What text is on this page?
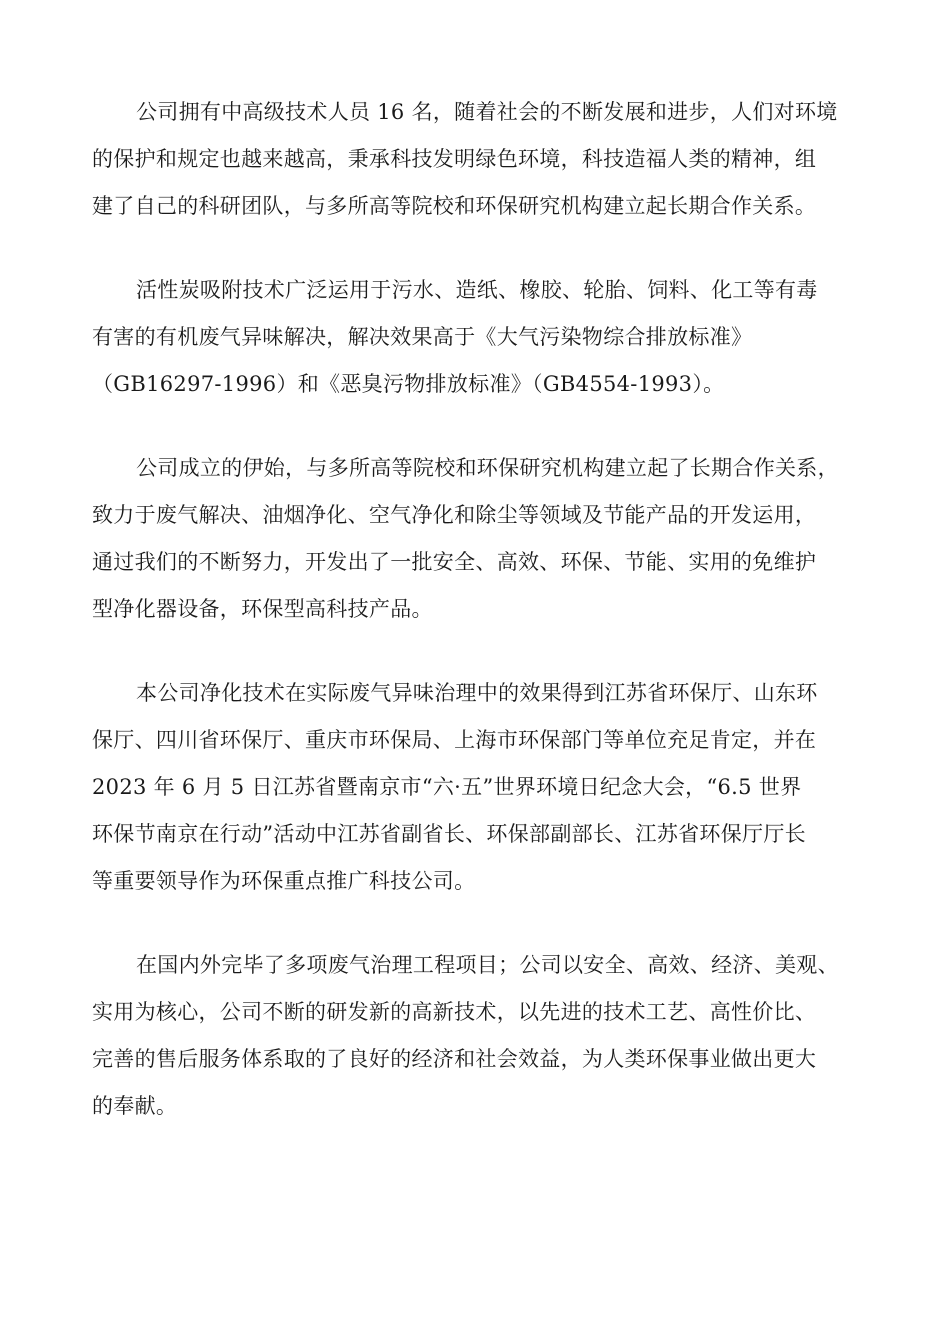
公司拥有中高级技术人员 16 名，随着社会的不断发展和进步，人们对环境
的保护和规定也越来越高，秉承科技发明绿色环境，科技造福人类的精神，组
建了自己的科研团队，与多所高等院校和环保研究机构建立起长期合作关系。
活性炭吸附技术广泛运用于污水、造纸、橡胶、轮胎、饲料、化工等有毒
有害的有机废气异味解决，解决效果高于《大气污染物综合排放标准》
（GB16297-1996）和《恶臭污物排放标准》（GB4554-1993）。
公司成立的伊始，与多所高等院校和环保研究机构建立起了长期合作关系，
致力于废气解决、油烟净化、空气净化和除尘等领域及节能产品的开发运用，
通过我们的不断努力，开发出了一批安全、高效、环保、节能、实用的免维护
型净化器设备，环保型高科技产品。
本公司净化技术在实际废气异味治理中的效果得到江苏省环保厅、山东环
保厅、四川省环保厅、重庆市环保局、上海市环保部门等单位充足肯定，并在
2023 年 6 月 5 日江苏省暨南京市“六·五”世界环境日纪念大会，“6.5 世界
环保节南京在行动”活动中江苏省副省长、环保部副部长、江苏省环保厅厅长
等重要领导作为环保重点推广科技公司。
在国内外完毕了多项废气治理工程项目；公司以安全、高效、经济、美观、
实用为核心，公司不断的研发新的高新技术，以先进的技术工艺、高性价比、
完善的售后服务体系取的了良好的经济和社会效益，为人类环保事业做出更大
的奉献。
